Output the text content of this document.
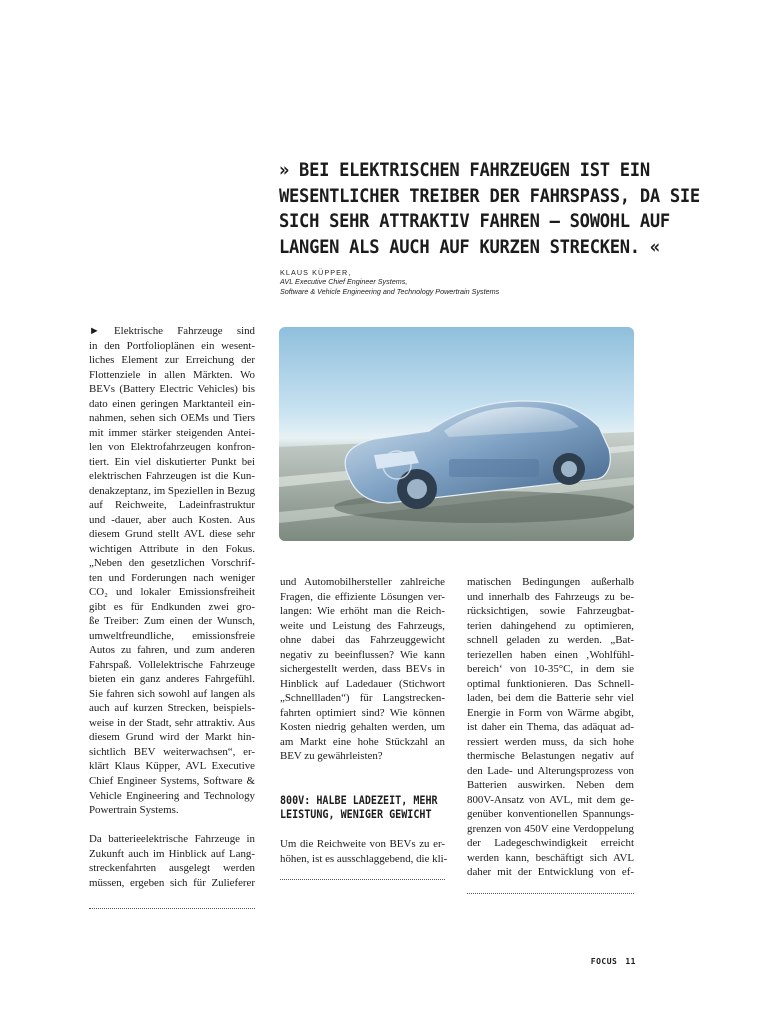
» BEI ELEKTRISCHEN FAHRZEUGEN IST EIN
WESENTLICHER TREIBER DER FAHRSPASS, DA SIE
SICH SEHR ATTRAKTIV FAHREN – SOWOHL AUF
LANGEN ALS AUCH AUF KURZEN STRECKEN. «
KLAUS KÜPPER,
AVL Executive Chief Engineer Systems,
Software & Vehicle Engineering and Technology Powertrain Systems
► Elektrische Fahrzeuge sind
in den Portfolioplänen ein wesent-
liches Element zur Erreichung der
Flottenziele in allen Märkten. Wo
BEVs (Battery Electric Vehicles) bis
dato einen geringen Marktanteil ein-
nahmen, sehen sich OEMs und Tiers
mit immer stärker steigenden Antei-
len von Elektrofahrzeugen konfron-
tiert. Ein viel diskutierter Punkt bei
elektrischen Fahrzeugen ist die Kun-
denakzeptanz, im Speziellen in Bezug
auf Reichweite, Ladeinfrastruktur
und -dauer, aber auch Kosten. Aus
diesem Grund stellt AVL diese sehr
wichtigen Attribute in den Fokus.
„Neben den gesetzlichen Vorschrif-
ten und Forderungen nach weniger
CO₂ und lokaler Emissionsfreiheit
gibt es für Endkunden zwei gro-
ße Treiber: Zum einen der Wunsch,
umweltfreundliche, emissionsfreie
Autos zu fahren, und zum anderen
Fahrspaß. Vollelektrische Fahrzeuge
bieten ein ganz anderes Fahrgefühl.
Sie fahren sich sowohl auf langen als
auch auf kurzen Strecken, beispiels-
weise in der Stadt, sehr attraktiv. Aus
diesem Grund wird der Markt hin-
sichtlich BEV weiterwachsen“, er-
klärt Klaus Küpper, AVL Executive
Chief Engineer Systems, Software &
Vehicle Engineering and Technology
Powertrain Systems.
Da batterieelektrische Fahrzeuge in
Zukunft auch im Hinblick auf Lang-
streckenfahrten ausgelegt werden
müssen, ergeben sich für Zulieferer
und Automobilhersteller zahlreiche
Fragen, die effiziente Lösungen ver-
langen: Wie erhöht man die Reich-
weite und Leistung des Fahrzeugs,
ohne dabei das Fahrzeuggewicht
negativ zu beeinflussen? Wie kann
sichergestellt werden, dass BEVs in
Hinblick auf Ladedauer (Stichwort
„Schnellladen“) für Langstrecken-
fahrten optimiert sind? Wie können
Kosten niedrig gehalten werden, um
am Markt eine hohe Stückzahl an
BEV zu gewährleisten?
800V: HALBE LADEZEIT, MEHR
LEISTUNG, WENIGER GEWICHT
Um die Reichweite von BEVs zu er-
höhen, ist es ausschlaggebend, die kli-
matischen Bedingungen außerhalb
und innerhalb des Fahrzeugs zu be-
rücksichtigen, sowie Fahrzeugbat-
terien dahingehend zu optimieren,
schnell geladen zu werden. „Bat-
teriezellen haben einen ‚Wohlfühl-
bereich‘ von 10-35°C, in dem sie
optimal funktionieren. Das Schnell-
laden, bei dem die Batterie sehr viel
Energie in Form von Wärme abgibt,
ist daher ein Thema, das adäquat ad-
ressiert werden muss, da sich hohe
thermische Belastungen negativ auf
den Lade- und Alterungsprozess von
Batterien auswirken. Neben dem
800V-Ansatz von AVL, mit dem ge-
genüber konventionellen Spannungs-
grenzen von 450V eine Verdoppelung
der Ladegeschwindigkeit erreicht
werden kann, beschäftigt sich AVL
daher mit der Entwicklung von ef-
FOCUS 11
